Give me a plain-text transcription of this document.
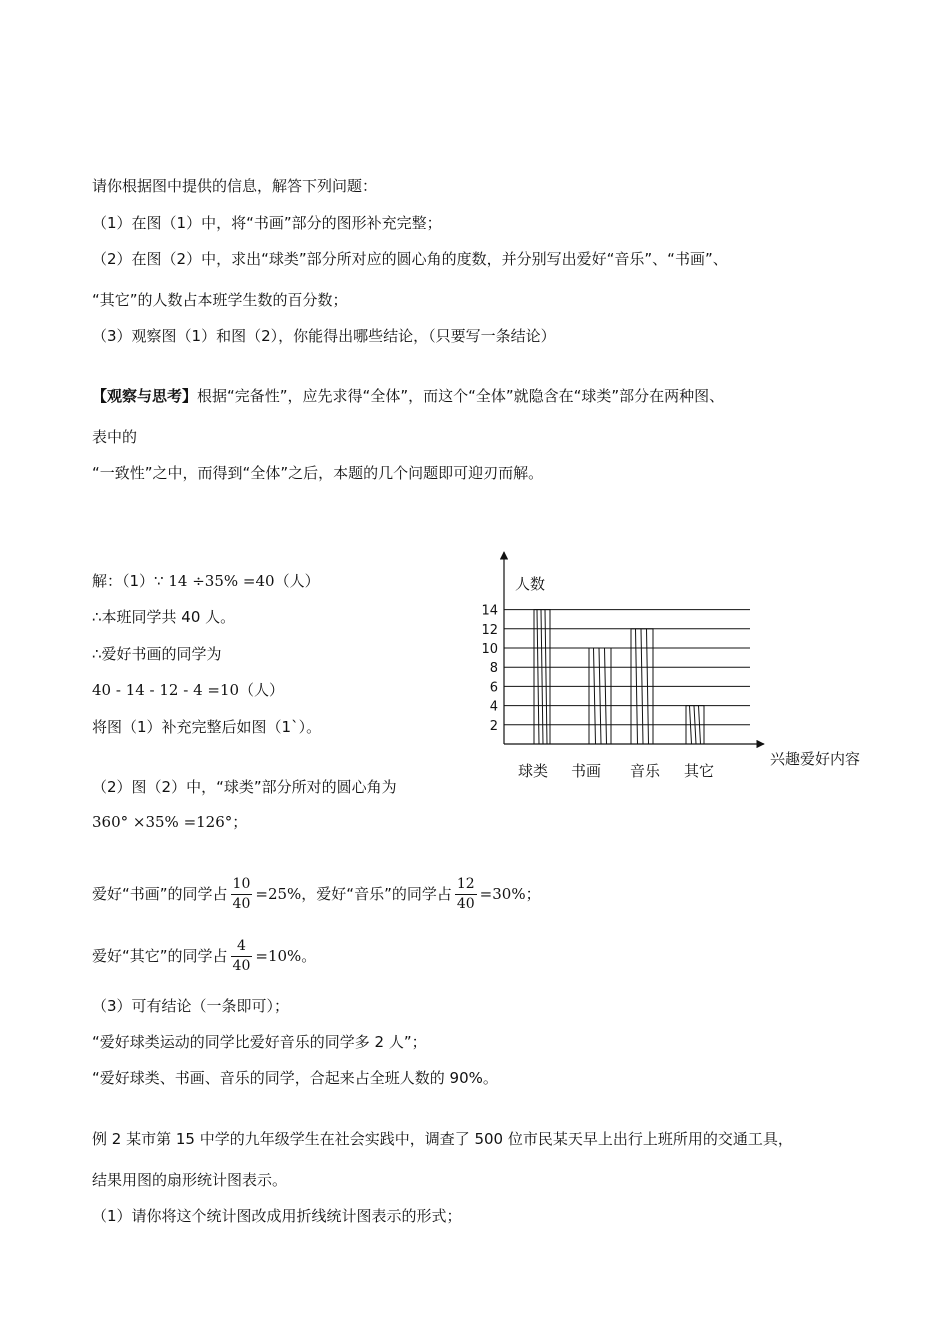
请你根据图中提供的信息，解答下列问题：
（1）在图（1）中，将“书画”部分的图形补充完整；
（2）在图（2）中，求出“球类”部分所对应的圆心角的度数，并分别写出爱好“音乐”、“书画”、
“其它”的人数占本班学生数的百分数；
（3）观察图（1）和图（2），你能得出哪些结论，（只要写一条结论）
【观察与思考】根据“完备性”，应先求得“全体”，而这个“全体”就隐含在“球类”部分在两种图、
表中的
“一致性”之中，而得到“全体”之后，本题的几个问题即可迎刃而解。
解：（1）∵ 14 ÷35% =40（人）
∴本班同学共 40 人。
∴爱好书画的同学为
40 - 14 - 12 - 4 =10（人）
将图（1）补充完整后如图（1`）。
（2）图（2）中，“球类”部分所对的圆心角为
360° ×35% =126°；
爱好“书画”的同学占 $\frac{10}{40} =25\%$，爱好“音乐”的同学占 $\frac{12}{40} =30\%$；
爱好“其它”的同学占 $\frac{4}{40} =10\%$。
（3）可有结论（一条即可）；
“爱好球类运动的同学比爱好音乐的同学多 2 人”；
“爱好球类、书画、音乐的同学，合起来占全班人数的 90%。
例 2 某市第 15 中学的九年级学生在社会实践中，调查了 500 位市民某天早上出行上班所用的交通工具，
结果用图的扇形统计图表示。
（1）请你将这个统计图改成用折线统计图表示的形式；
2
4
6
8
10
12
14
球类 书画 音乐 其它
人数
兴趣爱好内容
